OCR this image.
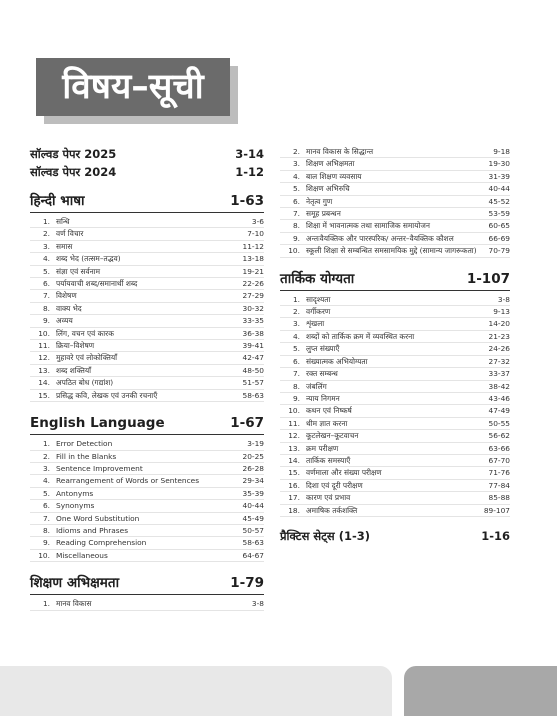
विषय–सूची
सॉल्वड पेपर 2025	3-14
सॉल्वड पेपर 2024	1-12
हिन्दी भाषा	1-63
1. सन्धि	3-6
2. वर्ण विचार	7-10
3. समास	11-12
4. शब्द भेद (तत्सम–तद्भव)	13-18
5. संज्ञा एवं सर्वनाम	19-21
6. पर्यायवाची शब्द/समानार्थी शब्द	22-26
7. विशेषण	27-29
8. वाक्य भेद	30-32
9. अव्यय	33-35
10. लिंग, वचन एवं कारक	36-38
11. क्रिया–विशेषण	39-41
12. मुहावरे एवं लोकोक्तियाँ	42-47
13. शब्द शक्तियाँ	48-50
14. अपठित बोध (गद्यांश)	51-57
15. प्रसिद्ध कवि, लेखक एवं उनकी रचनाएँ	58-63
English Language	1-67
1. Error Detection	3-19
2. Fill in the Blanks	20-25
3. Sentence Improvement	26-28
4. Rearrangement of Words or Sentences	29-34
5. Antonyms	35-39
6. Synonyms	40-44
7. One Word Substitution	45-49
8. Idioms and Phrases	50-57
9. Reading Comprehension	58-63
10. Miscellaneous	64-67
शिक्षण अभिक्षमता	1-79
1. मानव विकास	3-8
2. मानव विकास के सिद्धान्त	9-18
3. शिक्षण अभिक्षमता	19-30
4. बाल शिक्षण व्यवसाय	31-39
5. शिक्षण अभिरुचि	40-44
6. नेतृत्व गुण	45-52
7. समूह प्रबन्धन	53-59
8. शिक्षा में भावनात्मक तथा सामाजिक समायोजन	60-65
9. अन्तःवैयक्तिक और पारस्परिक/ अन्तर–वैयक्तिक कौशल	66-69
10. स्कूली शिक्षा से सम्बन्धित समसामयिक मुद्दे (सामान्य जागरूकता)	70-79
तार्किक योग्यता	1-107
1. सादृश्यता	3-8
2. वर्गीकरण	9-13
3. शृंखला	14-20
4. शब्दों को तार्किक क्रम में व्यवस्थित करना	21-23
5. लुप्त संख्याएँ	24-26
6. संख्यात्मक अभियोग्यता	27-32
7. रक्त सम्बन्ध	33-37
8. जंबलिंग	38-42
9. न्याय निगमन	43-46
10. कथन एवं निष्कर्ष	47-49
11. थीम ज्ञात करना	50-55
12. कूटलेखन–कूटवाचन	56-62
13. क्रम परीक्षण	63-66
14. तार्किक समस्याएँ	67-70
15. वर्णमाला और संख्या परीक्षण	71-76
16. दिशा एवं दूरी परीक्षण	77-84
17. कारण एवं प्रभाव	85-88
18. अमाषिक तर्कशक्ति	89-107
प्रैक्टिस सेट्स (1-3)	1-16
